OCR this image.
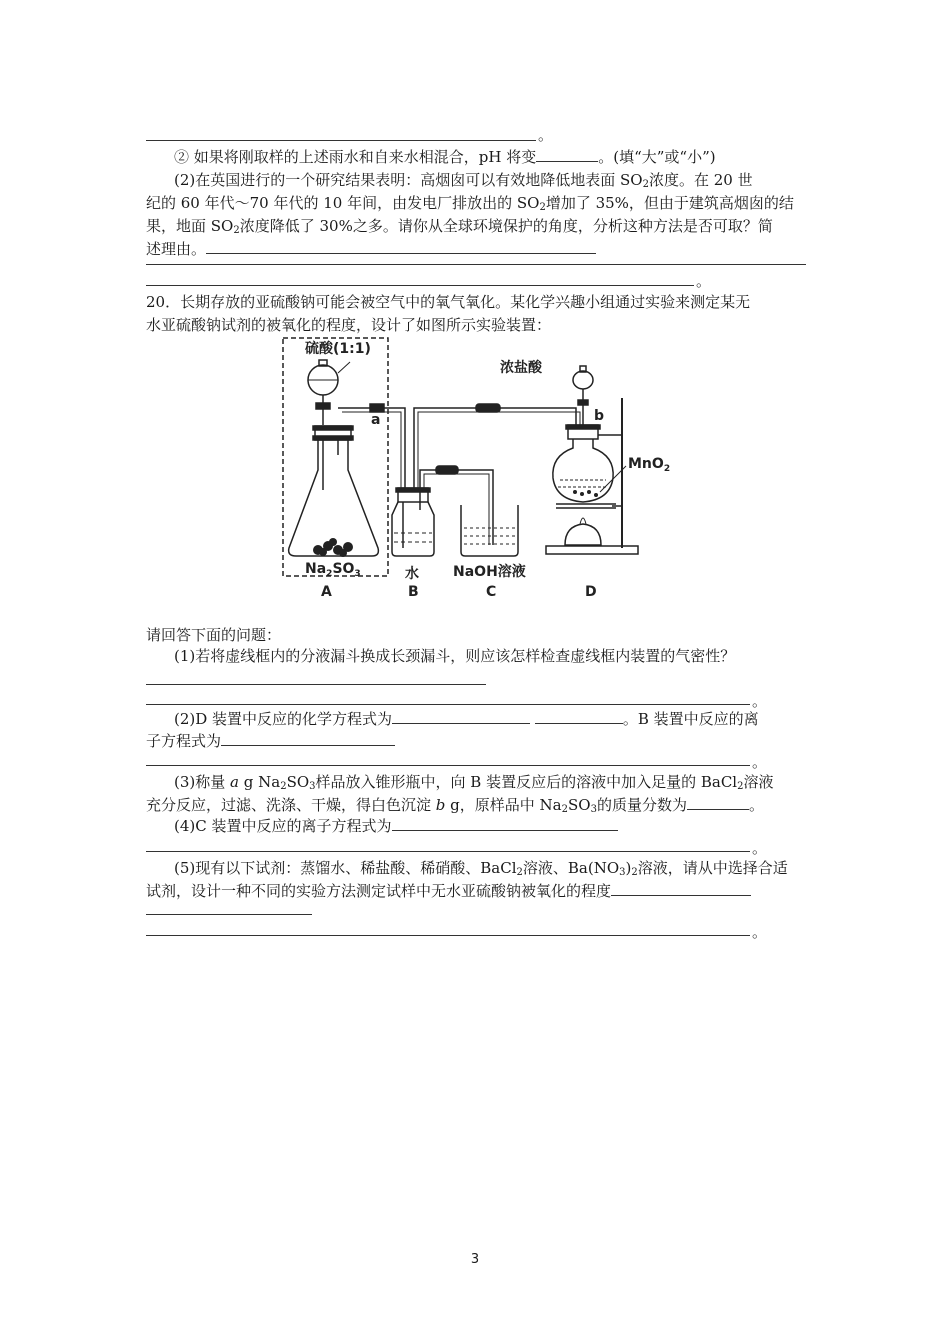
。
② 如果将刚取样的上述雨水和自来水相混合，pH 将变	。(填“大”或“小”)
(2)在英国进行的一个研究结果表明：高烟囱可以有效地降低地表面 $SO_2$浓度。在 20 世
纪的 60 年代～70 年代的 10 年间，由发电厂排放出的 $SO_2$增加了 35%，但由于建筑高烟囱的结
果，地面 $SO_2$浓度降低了 30%之多。请你从全球环境保护的角度，分析这种方法是否可取？简
述理由。
。
20．长期存放的亚硫酸钠可能会被空气中的氧气氧化。某化学兴趣小组通过实验来测定某无
水亚硫酸钠试剂的被氧化的程度，设计了如图所示实验装置：
硫酸(1:1)
$Na_2SO_3$
a
水 NaOH溶液
浓盐酸
b
MnO$_2$
D
A	B	C
请回答下面的问题：
(1)若将虚线框内的分液漏斗换成长颈漏斗，则应该怎样检查虚线框内装置的气密性？
。
(2)D 装置中反应的化学方程式为	。B 装置中反应的离
子方程式为
。
(3)称量 a g $Na_2SO_3$样品放入锥形瓶中，向 B 装置反应后的溶液中加入足量的 BaCl$_2$溶液
充分反应，过滤、洗涤、干燥，得白色沉淀 b g，原样品中 $Na_2SO_3$的质量分数为	。
(4)C 装置中反应的离子方程式为
。
(5)现有以下试剂：蒸馏水、稀盐酸、稀硝酸、BaCl$_2$溶液、$Ba(NO_3)_2$溶液，请从中选择合适
试剂，设计一种不同的实验方法测定试样中无水亚硫酸钠被氧化的程度
。
3
